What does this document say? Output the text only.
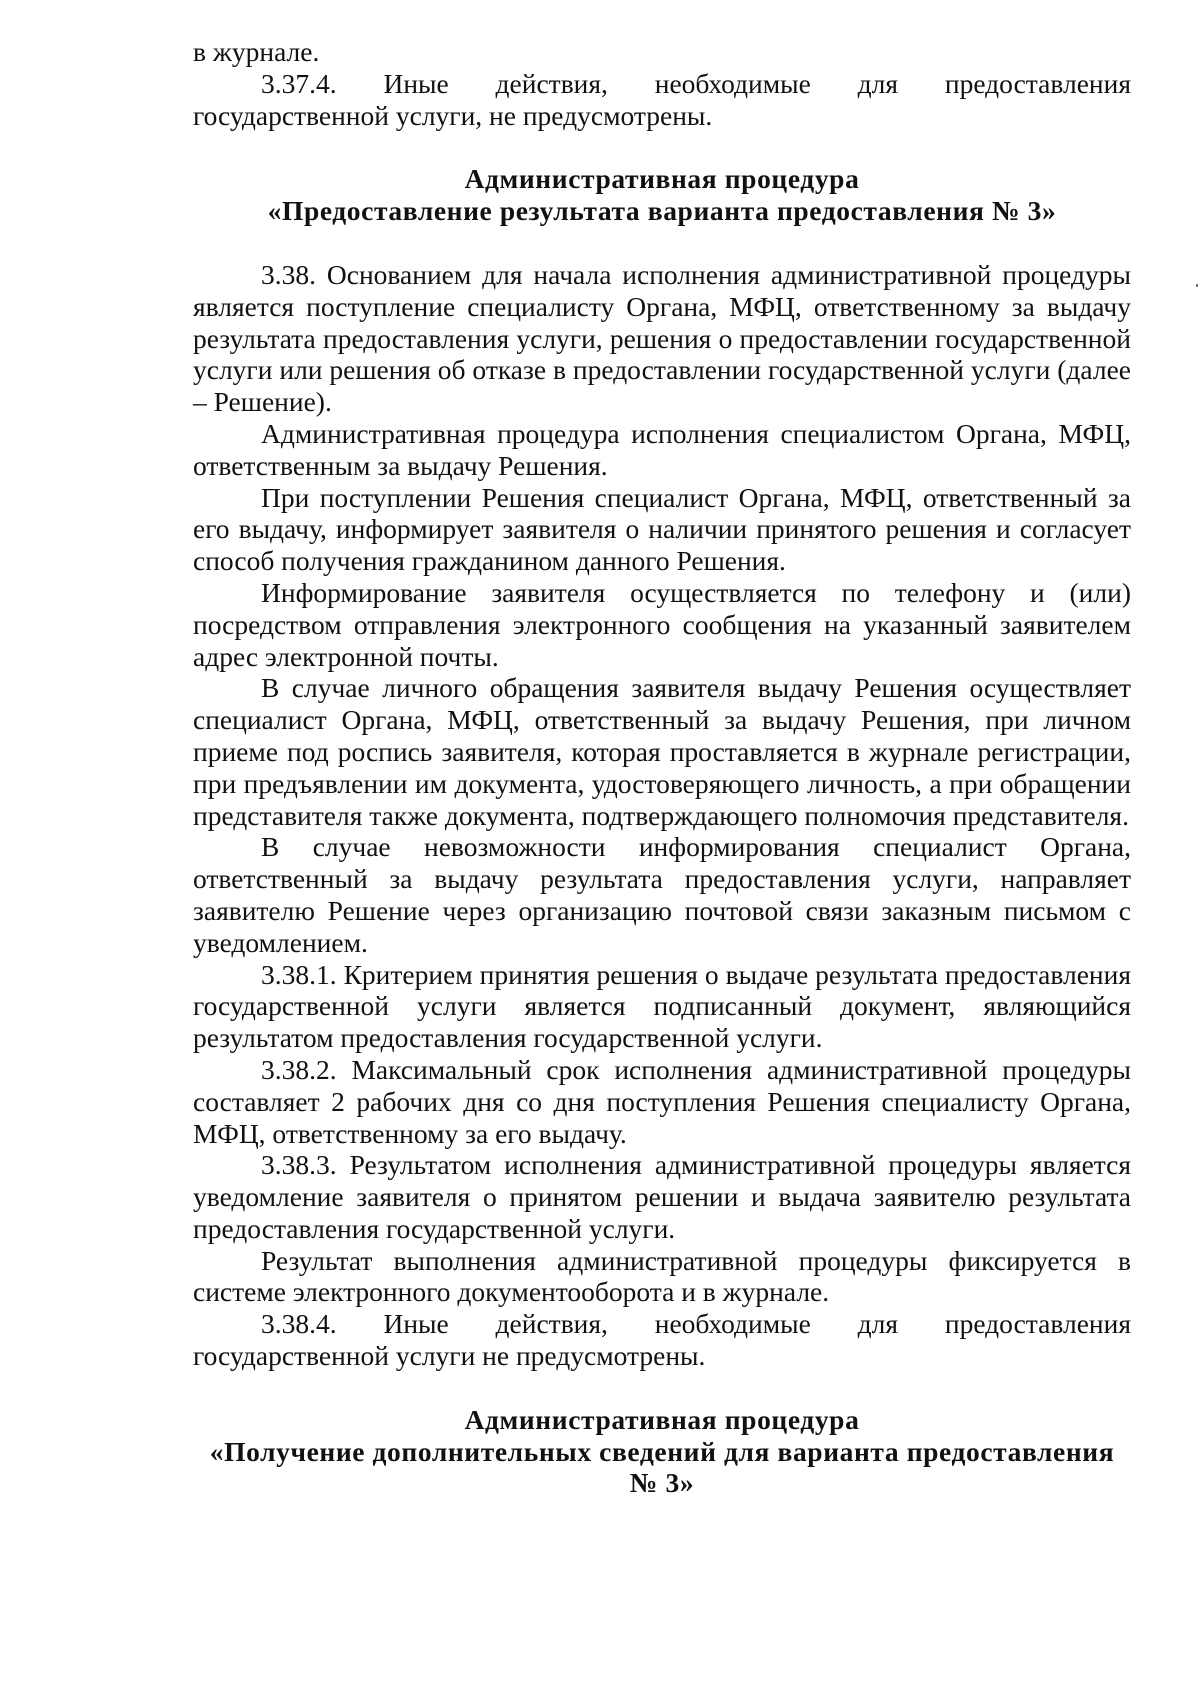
в журнале.

3.37.4. Иные действия, необходимые для предоставления государственной услуги, не предусмотрены.

Административная процедура
«Предоставление результата варианта предоставления № 3»

3.38. Основанием для начала исполнения административной процедуры является поступление специалисту Органа, МФЦ, ответственному за выдачу результата предоставления услуги, решения о предоставлении государственной услуги или решения об отказе в предоставлении государственной услуги (далее – Решение).

Административная процедура исполнения специалистом Органа, МФЦ, ответственным за выдачу Решения.

При поступлении Решения специалист Органа, МФЦ, ответственный за его выдачу, информирует заявителя о наличии принятого решения и согласует способ получения гражданином данного Решения.

Информирование заявителя осуществляется по телефону и (или) посредством отправления электронного сообщения на указанный заявителем адрес электронной почты.

В случае личного обращения заявителя выдачу Решения осуществляет специалист Органа, МФЦ, ответственный за выдачу Решения, при личном приеме под роспись заявителя, которая проставляется в журнале регистрации, при предъявлении им документа, удостоверяющего личность, а при обращении представителя также документа, подтверждающего полномочия представителя.

В случае невозможности информирования специалист Органа, ответственный за выдачу результата предоставления услуги, направляет заявителю Решение через организацию почтовой связи заказным письмом с уведомлением.

3.38.1. Критерием принятия решения о выдаче результата предоставления государственной услуги является подписанный документ, являющийся результатом предоставления государственной услуги.

3.38.2. Максимальный срок исполнения административной процедуры составляет 2 рабочих дня со дня поступления Решения специалисту Органа, МФЦ, ответственному за его выдачу.

3.38.3. Результатом исполнения административной процедуры является уведомление заявителя о принятом решении и выдача заявителю результата предоставления государственной услуги.

Результат выполнения административной процедуры фиксируется в системе электронного документооборота и в журнале.

3.38.4. Иные действия, необходимые для предоставления государственной услуги не предусмотрены.

Административная процедура
«Получение дополнительных сведений для варианта предоставления № 3»
